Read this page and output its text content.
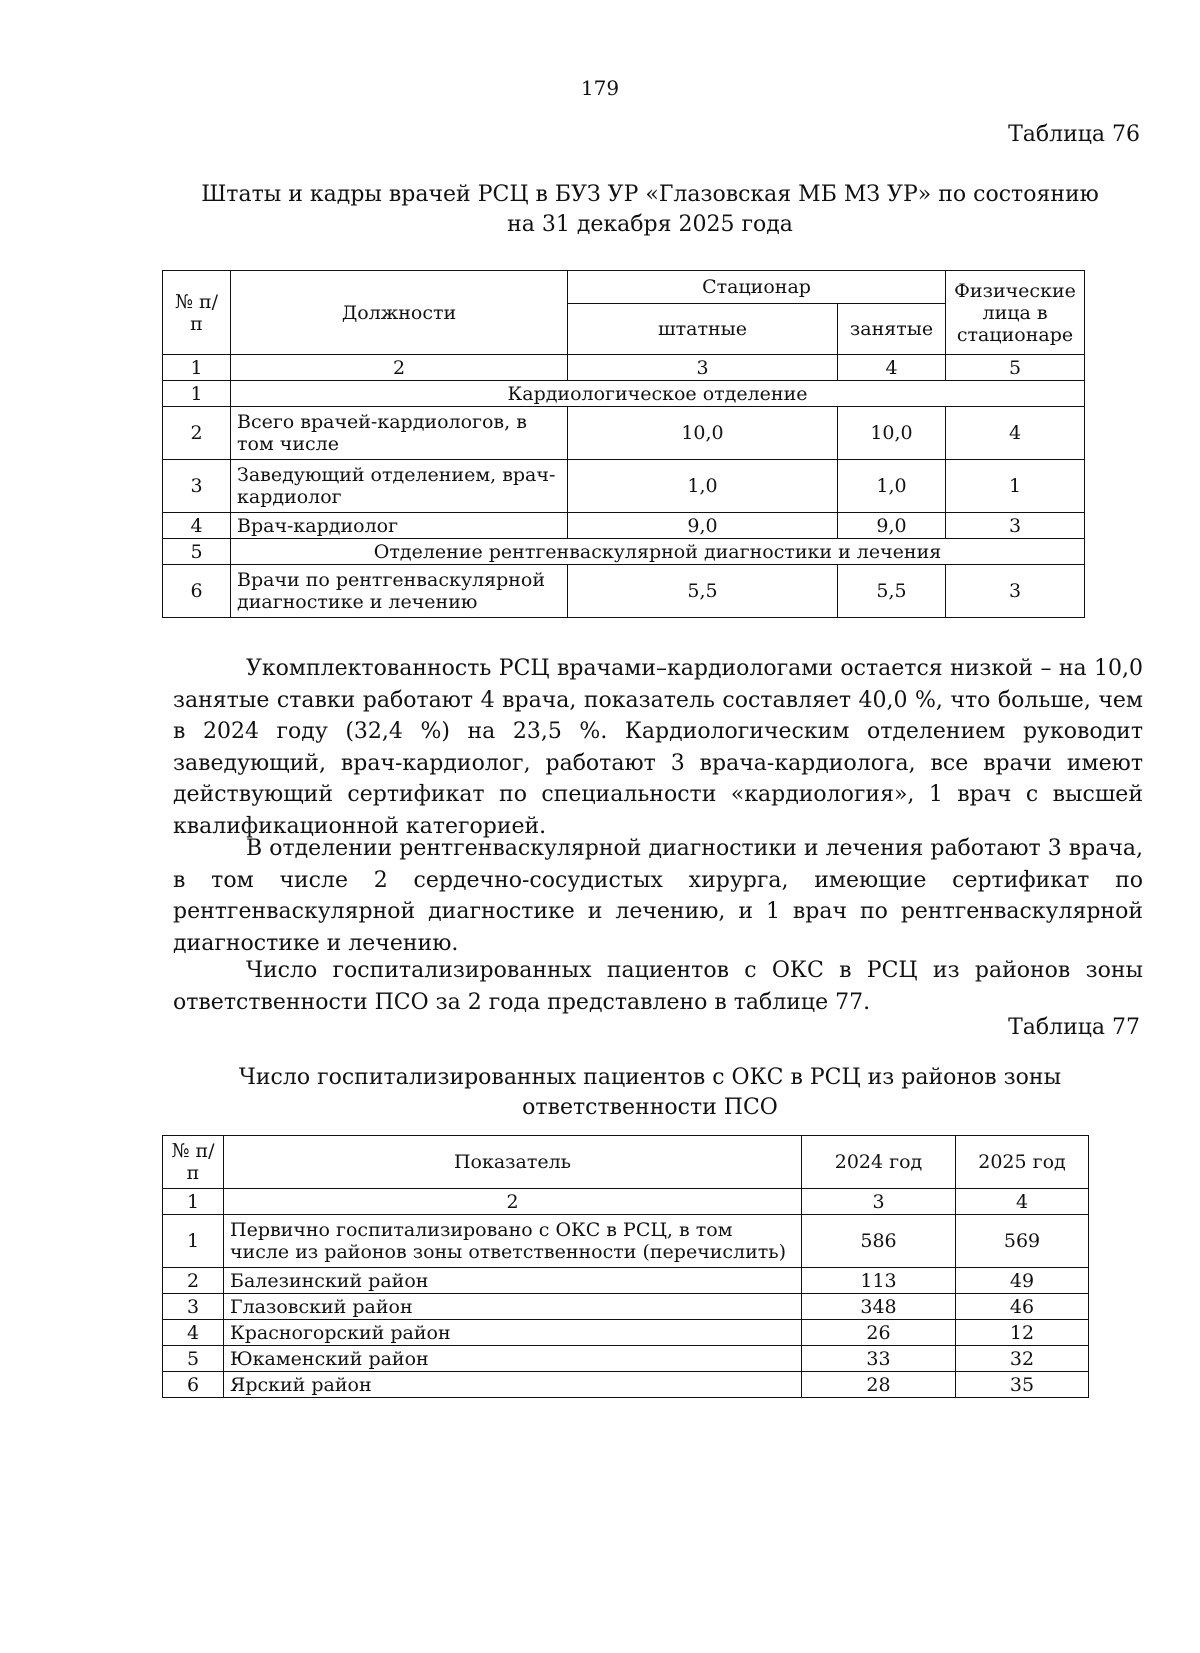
179
Таблица 76
Штаты и кадры врачей РСЦ в БУЗ УР «Глазовская МБ МЗ УР» по состоянию
на 31 декабря 2025 года
№ п/п	Должности	Стационар		Физические лица в стационаре
		штатные	занятые	
1	2	3	4	5
1	Кардиологическое отделение			
2	Всего врачей-кардиологов, в том числе	10,0	10,0	4
3	Заведующий отделением, врач-кардиолог	1,0	1,0	1
4	Врач-кардиолог	9,0	9,0	3
5	Отделение рентгенваскулярной диагностики и лечения			
6	Врачи по рентгенваскулярной диагностике и лечению	5,5	5,5	3
Укомплектованность РСЦ врачами–кардиологами остается низкой – на 10,0 занятые ставки работают 4 врача, показатель составляет 40,0 %, что больше, чем в 2024 году (32,4 %) на 23,5 %. Кардиологическим отделением руководит заведующий, врач-кардиолог, работают 3 врача-кардиолога, все врачи имеют действующий сертификат по специальности «кардиология», 1 врач с высшей квалификационной категорией.
В отделении рентгенваскулярной диагностики и лечения работают 3 врача, в том числе 2 сердечно-сосудистых хирурга, имеющие сертификат по рентгенваскулярной диагностике и лечению, и 1 врач по рентгенваскулярной диагностике и лечению.
Число госпитализированных пациентов с ОКС в РСЦ из районов зоны ответственности ПСО за 2 года представлено в таблице 77.
Таблица 77
Число госпитализированных пациентов с ОКС в РСЦ из районов зоны
ответственности ПСО
№ п/п	Показатель	2024 год	2025 год
1	2	3	4
1	Первично госпитализировано с ОКС в РСЦ, в том числе из районов зоны ответственности (перечислить)	586	569
2	Балезинский район	113	49
3	Глазовский район	348	46
4	Красногорский район	26	12
5	Юкаменский район	33	32
6	Ярский район	28	35
